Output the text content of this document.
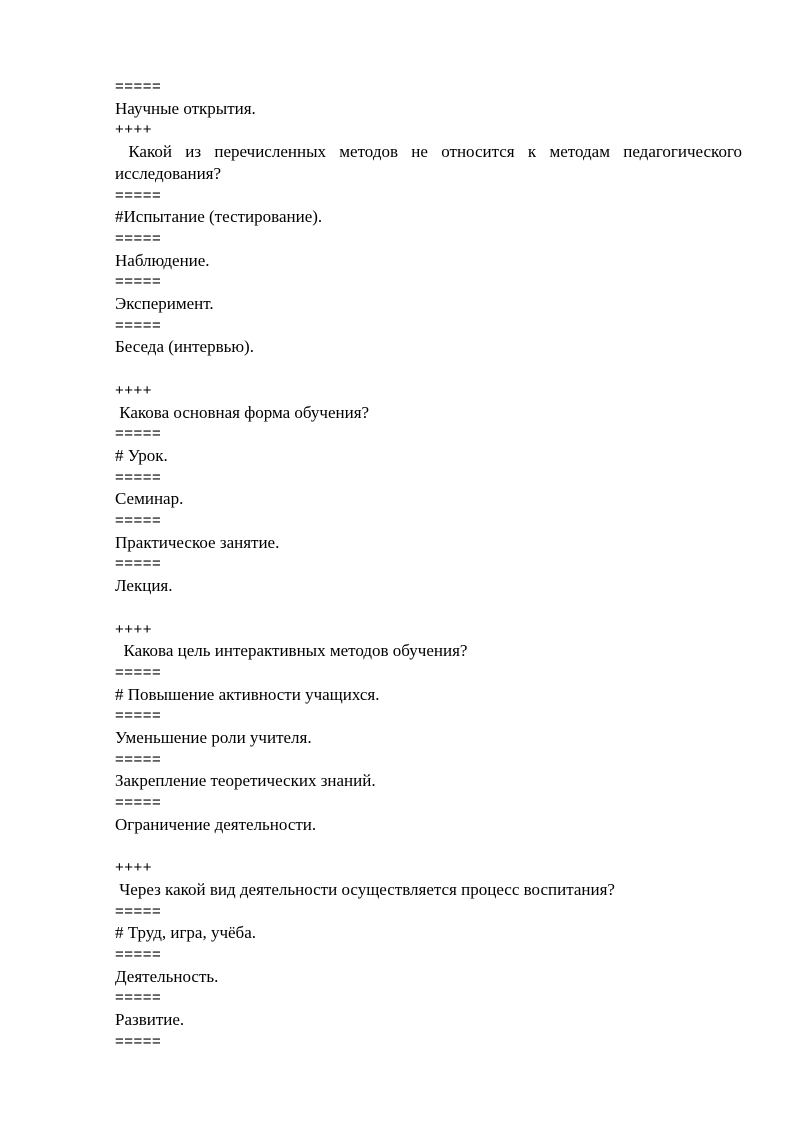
=====
Научные открытия.
++++
Какой из перечисленных методов не относится к методам педагогического исследования?
=====
#Испытание (тестирование).
=====
Наблюдение.
=====
Эксперимент.
=====
Беседа (интервью).
++++
Какова основная форма обучения?
=====
# Урок.
=====
Семинар.
=====
Практическое занятие.
=====
Лекция.
++++
Какова цель интерактивных методов обучения?
=====
# Повышение активности учащихся.
=====
Уменьшение роли учителя.
=====
Закрепление теоретических знаний.
=====
Ограничение деятельности.
++++
Через какой вид деятельности осуществляется процесс воспитания?
=====
# Труд, игра, учёба.
=====
Деятельность.
=====
Развитие.
=====
